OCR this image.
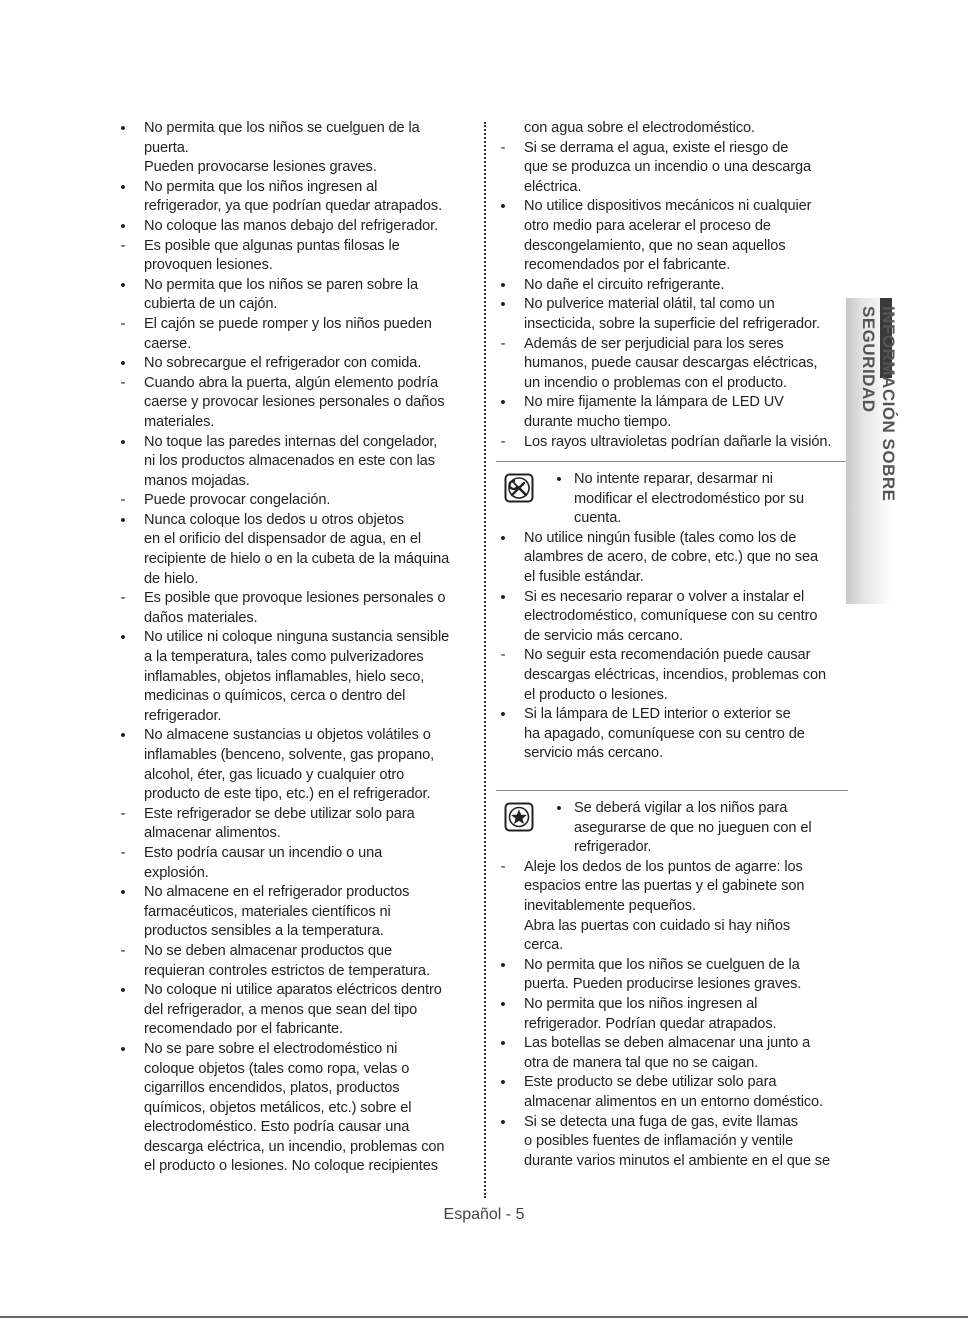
•	No permita que los niños se cuelguen de la
puerta.
Pueden provocarse lesiones graves.
•	No permita que los niños ingresen al
refrigerador, ya que podrían quedar atrapados.
•	No coloque las manos debajo del refrigerador.
-	Es posible que algunas puntas filosas le
provoquen lesiones.
•	No permita que los niños se paren sobre la
cubierta de un cajón.
-	El cajón se puede romper y los niños pueden
caerse.
•	No sobrecargue el refrigerador con comida.
-	Cuando abra la puerta, algún elemento podría
caerse y provocar lesiones personales o daños
materiales.
•	No toque las paredes internas del congelador,
ni los productos almacenados en este con las
manos mojadas.
-	Puede provocar congelación.
•	Nunca coloque los dedos u otros objetos
en el orificio del dispensador de agua, en el
recipiente de hielo o en la cubeta de la máquina
de hielo.
-	Es posible que provoque lesiones personales o
daños materiales.
•	No utilice ni coloque ninguna sustancia sensible
a la temperatura, tales como pulverizadores
inflamables, objetos inflamables, hielo seco,
medicinas o químicos, cerca o dentro del
refrigerador.
•	No almacene sustancias u objetos volátiles o
inflamables (benceno, solvente, gas propano,
alcohol, éter, gas licuado y cualquier otro
producto de este tipo, etc.) en el refrigerador.
-	Este refrigerador se debe utilizar solo para
almacenar alimentos.
-	Esto podría causar un incendio o una
explosión.
•	No almacene en el refrigerador productos
farmacéuticos, materiales científicos ni
productos sensibles a la temperatura.
-	No se deben almacenar productos que
requieran controles estrictos de temperatura.
•	No coloque ni utilice aparatos eléctricos dentro
del refrigerador, a menos que sean del tipo
recomendado por el fabricante.
•	No se pare sobre el electrodoméstico ni
coloque objetos (tales como ropa, velas o
cigarrillos encendidos, platos, productos
químicos, objetos metálicos, etc.) sobre el
electrodoméstico. Esto podría causar una
descarga eléctrica, un incendio, problemas con
el producto o lesiones. No coloque recipientes
con agua sobre el electrodoméstico.
-	Si se derrama el agua, existe el riesgo de
que se produzca un incendio o una descarga
eléctrica.
•	No utilice dispositivos mecánicos ni cualquier
otro medio para acelerar el proceso de
descongelamiento, que no sean aquellos
recomendados por el fabricante.
•	No dañe el circuito refrigerante.
•	No pulverice material olátil, tal como un
insecticida, sobre la superficie del refrigerador.
-	Además de ser perjudicial para los seres
humanos, puede causar descargas eléctricas,
un incendio o problemas con el producto.
•	No mire fijamente la lámpara de LED UV
durante mucho tiempo.
-	Los rayos ultravioletas podrían dañarle la visión.
• No intente reparar, desarmar ni
modificar el electrodoméstico por su
cuenta.
•	No utilice ningún fusible (tales como los de
alambres de acero, de cobre, etc.) que no sea
el fusible estándar.
•	Si es necesario reparar o volver a instalar el
electrodoméstico, comuníquese con su centro
de servicio más cercano.
-	No seguir esta recomendación puede causar
descargas eléctricas, incendios, problemas con
el producto o lesiones.
•	Si la lámpara de LED interior o exterior se
ha apagado, comuníquese con su centro de
servicio más cercano.
• Se deberá vigilar a los niños para
asegurarse de que no jueguen con el
refrigerador.
-	Aleje los dedos de los puntos de agarre: los
espacios entre las puertas y el gabinete son
inevitablemente pequeños.
Abra las puertas con cuidado si hay niños
cerca.
•	No permita que los niños se cuelguen de la
puerta. Pueden producirse lesiones graves.
•	No permita que los niños ingresen al
refrigerador. Podrían quedar atrapados.
•	Las botellas se deben almacenar una junto a
otra de manera tal que no se caigan.
•	Este producto se debe utilizar solo para
almacenar alimentos en un entorno doméstico.
•	Si se detecta una fuga de gas, evite llamas
o posibles fuentes de inflamación y ventile
durante varios minutos el ambiente en el que se
INFORMACIÓN SOBRE SEGURIDAD
Español - 5
